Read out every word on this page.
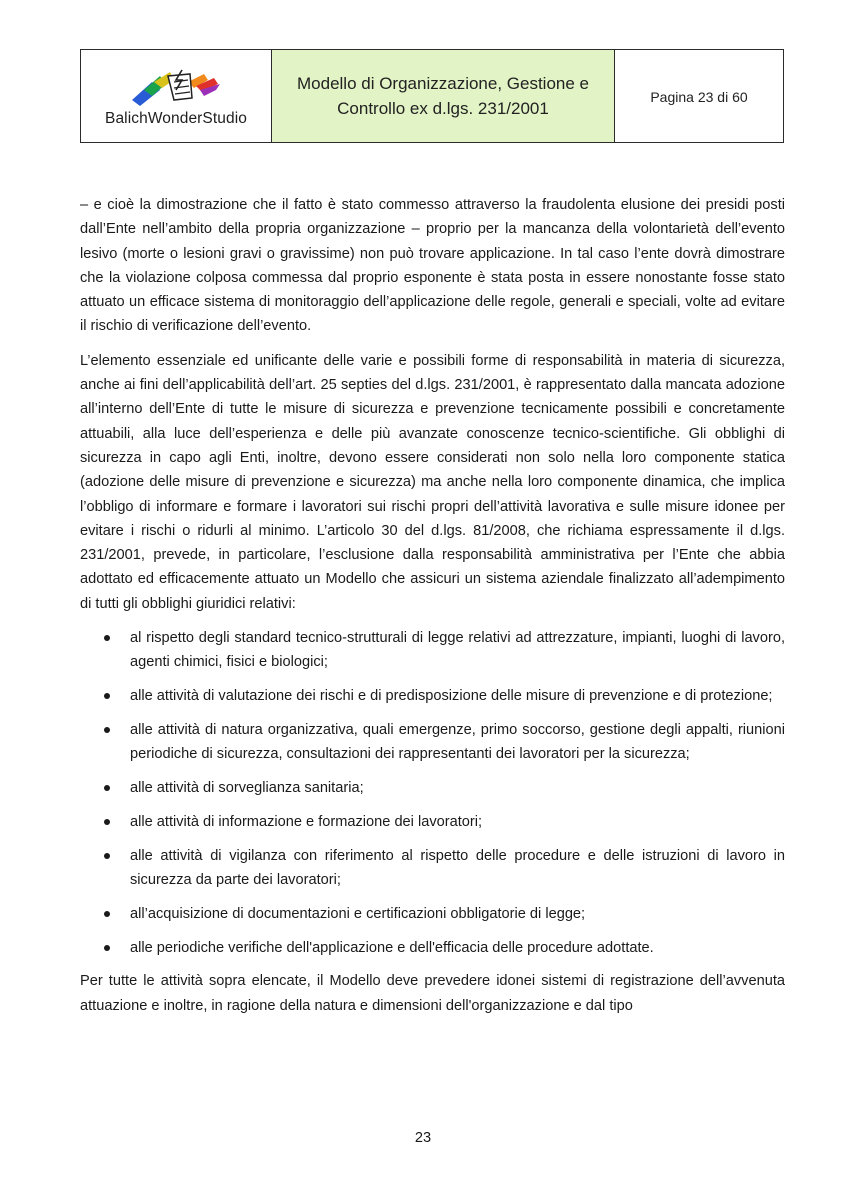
BalichWonderStudio
Modello di Organizzazione, Gestione e Controllo ex d.lgs. 231/2001
Pagina 23 di 60

– e cioè la dimostrazione che il fatto è stato commesso attraverso la fraudolenta elusione dei presidi posti dall’Ente nell’ambito della propria organizzazione – proprio per la mancanza della volontarietà dell’evento lesivo (morte o lesioni gravi o gravissime) non può trovare applicazione. In tal caso l’ente dovrà dimostrare che la violazione colposa commessa dal proprio esponente è stata posta in essere nonostante fosse stato attuato un efficace sistema di monitoraggio dell’applicazione delle regole, generali e speciali, volte ad evitare il rischio di verificazione dell’evento.

L’elemento essenziale ed unificante delle varie e possibili forme di responsabilità in materia di sicurezza, anche ai fini dell’applicabilità dell’art. 25 septies del d.lgs. 231/2001, è rappresentato dalla mancata adozione all’interno dell’Ente di tutte le misure di sicurezza e prevenzione tecnicamente possibili e concretamente attuabili, alla luce dell’esperienza e delle più avanzate conoscenze tecnico-scientifiche. Gli obblighi di sicurezza in capo agli Enti, inoltre, devono essere considerati non solo nella loro componente statica (adozione delle misure di prevenzione e sicurezza) ma anche nella loro componente dinamica, che implica l’obbligo di informare e formare i lavoratori sui rischi propri dell’attività lavorativa e sulle misure idonee per evitare i rischi o ridurli al minimo. L’articolo 30 del d.lgs. 81/2008, che richiama espressamente il d.lgs. 231/2001, prevede, in particolare, l’esclusione dalla responsabilità amministrativa per l’Ente che abbia adottato ed efficacemente attuato un Modello che assicuri un sistema aziendale finalizzato all’adempimento di tutti gli obblighi giuridici relativi:

al rispetto degli standard tecnico-strutturali di legge relativi ad attrezzature, impianti, luoghi di lavoro, agenti chimici, fisici e biologici;
alle attività di valutazione dei rischi e di predisposizione delle misure di prevenzione e di protezione;
alle attività di natura organizzativa, quali emergenze, primo soccorso, gestione degli appalti, riunioni periodiche di sicurezza, consultazioni dei rappresentanti dei lavoratori per la sicurezza;
alle attività di sorveglianza sanitaria;
alle attività di informazione e formazione dei lavoratori;
alle attività di vigilanza con riferimento al rispetto delle procedure e delle istruzioni di lavoro in sicurezza da parte dei lavoratori;
all’acquisizione di documentazioni e certificazioni obbligatorie di legge;
alle periodiche verifiche dell'applicazione e dell'efficacia delle procedure adottate.

Per tutte le attività sopra elencate, il Modello deve prevedere idonei sistemi di registrazione dell’avvenuta attuazione e inoltre, in ragione della natura e dimensioni dell'organizzazione e dal tipo

23
